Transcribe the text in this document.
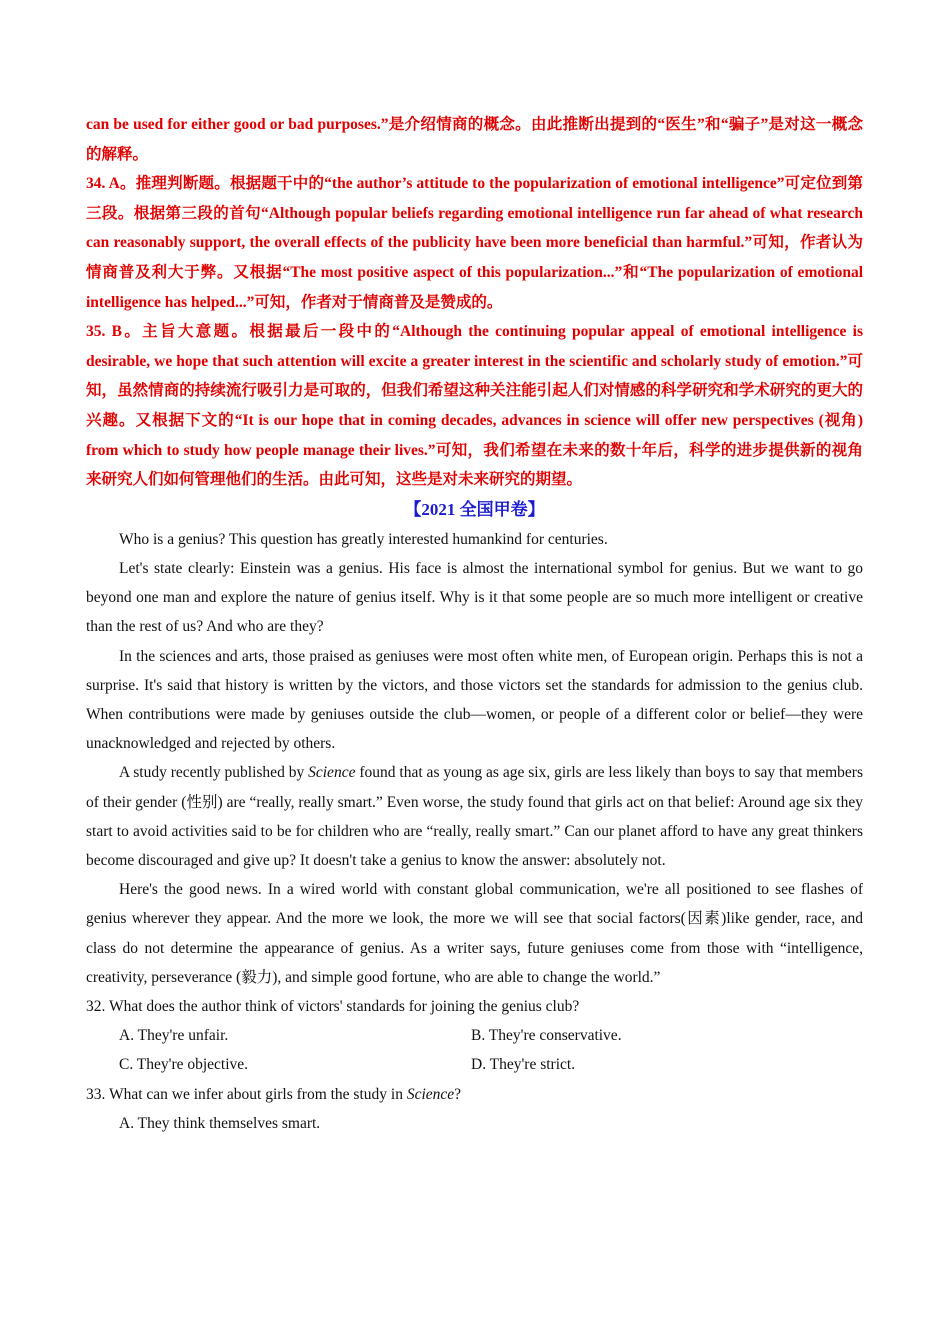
can be used for either good or bad purposes.”是介绍情商的概念。由此推断出提到的“医生”和“骗子”是对这一概念的解释。

34. A。推理判断题。根据题干中的“the author’s attitude to the popularization of emotional intelligence”可定位到第三段。根据第三段的首句“Although popular beliefs regarding emotional intelligence run far ahead of what research can reasonably support, the overall effects of the publicity have been more beneficial than harmful.”可知，作者认为情商普及利大于弊。又根据“The most positive aspect of this popularization...”和“The popularization of emotional intelligence has helped...”可知，作者对于情商普及是赞成的。

35. B。主旨大意题。根据最后一段中的“Although the continuing popular appeal of emotional intelligence is desirable, we hope that such attention will excite a greater interest in the scientific and scholarly study of emotion.”可知，虽然情商的持续流行吸引力是可取的，但我们希望这种关注能引起人们对情感的科学研究和学术研究的更大的兴趣。又根据下文的“It is our hope that in coming decades, advances in science will offer new perspectives (视角) from which to study how people manage their lives.”可知，我们希望在未来的数十年后，科学的进步提供新的视角来研究人们如何管理他们的生活。由此可知，这些是对未来研究的期望。

【2021 全国甲卷】

Who is a genius? This question has greatly interested humankind for centuries.

Let's state clearly: Einstein was a genius. His face is almost the international symbol for genius. But we want to go beyond one man and explore the nature of genius itself. Why is it that some people are so much more intelligent or creative than the rest of us? And who are they?

In the sciences and arts, those praised as geniuses were most often white men, of European origin. Perhaps this is not a surprise. It's said that history is written by the victors, and those victors set the standards for admission to the genius club. When contributions were made by geniuses outside the club—women, or people of a different color or belief—they were unacknowledged and rejected by others.

A study recently published by Science found that as young as age six, girls are less likely than boys to say that members of their gender (性别) are “really, really smart.” Even worse, the study found that girls act on that belief: Around age six they start to avoid activities said to be for children who are “really, really smart.” Can our planet afford to have any great thinkers become discouraged and give up? It doesn't take a genius to know the answer: absolutely not.

Here's the good news. In a wired world with constant global communication, we're all positioned to see flashes of genius wherever they appear. And the more we look, the more we will see that social factors(因素)like gender, race, and class do not determine the appearance of genius. As a writer says, future geniuses come from those with “intelligence, creativity, perseverance (毅力), and simple good fortune, who are able to change the world.”

32. What does the author think of victors' standards for joining the genius club?

A. They're unfair.	B. They're conservative.
C. They're objective.	D. They're strict.

33. What can we infer about girls from the study in Science?

A. They think themselves smart.
